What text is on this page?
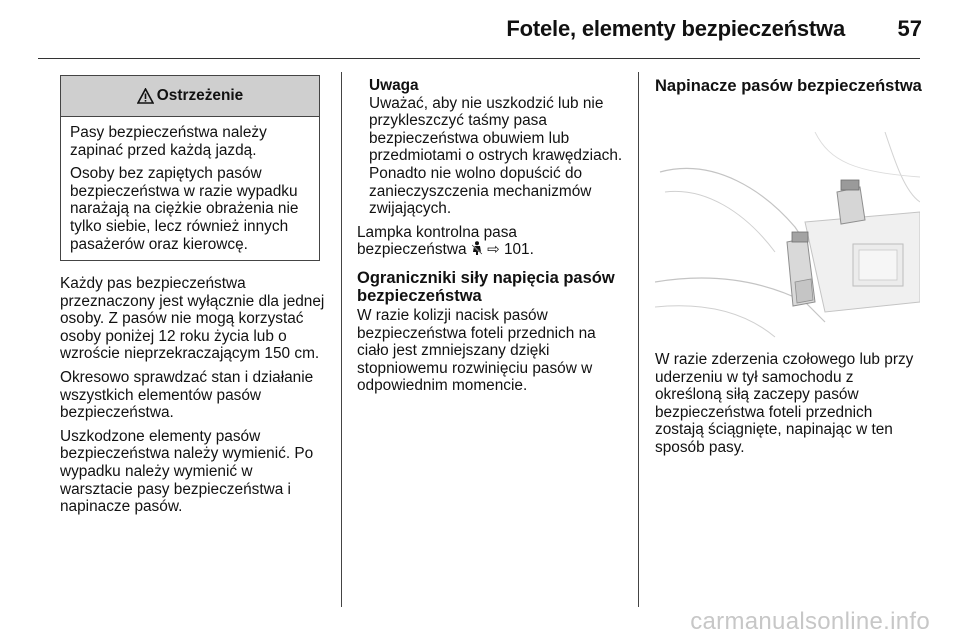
Fotele, elementy bezpieczeństwa 57
Ostrzeżenie

Pasy bezpieczeństwa należy zapinać przed każdą jazdą.

Osoby bez zapiętych pasów bezpieczeństwa w razie wypadku narażają na ciężkie obrażenia nie tylko siebie, lecz również innych pasażerów oraz kierowcę.

Każdy pas bezpieczeństwa przeznaczony jest wyłącznie dla jednej osoby. Z pasów nie mogą korzystać osoby poniżej 12 roku życia lub o wzroście nieprzekraczającym 150 cm.

Okresowo sprawdzać stan i działanie wszystkich elementów pasów bezpieczeństwa.

Uszkodzone elementy pasów bezpieczeństwa należy wymienić. Po wypadku należy wymienić w warsztacie pasy bezpieczeństwa i napinacze pasów.

Uwaga
Uważać, aby nie uszkodzić lub nie przykleszczyć taśmy pasa bezpieczeństwa obuwiem lub przedmiotami o ostrych krawędziach. Ponadto nie wolno dopuścić do zanieczyszczenia mechanizmów zwijających.

Lampka kontrolna pasa bezpieczeństwa ⇨ 101.

Ograniczniki siły napięcia pasów bezpieczeństwa

W razie kolizji nacisk pasów bezpieczeństwa foteli przednich na ciało jest zmniejszany dzięki stopniowemu rozwinięciu pasów w odpowiednim momencie.

Napinacze pasów bezpieczeństwa

W razie zderzenia czołowego lub przy uderzeniu w tył samochodu z określoną siłą zaczepy pasów bezpieczeństwa foteli przednich zostają ściągnięte, napinając w ten sposób pasy.

carmanualsonline.info
